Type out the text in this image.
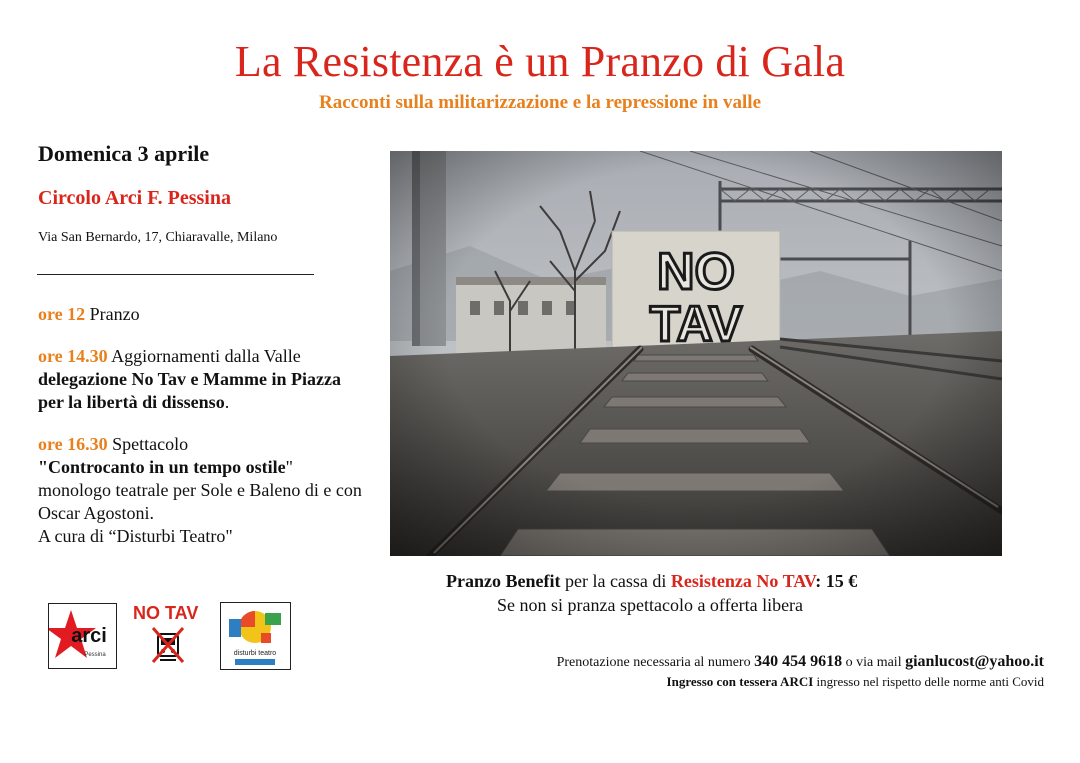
La Resistenza è un Pranzo di Gala
Racconti sulla militarizzazione e la repressione in valle
Domenica 3 aprile
Circolo Arci F. Pessina
Via San Bernardo, 17, Chiaravalle, Milano
ore 12 Pranzo
ore 14.30 Aggiornamenti dalla Valle
delegazione No Tav e Mamme in Piazza per la libertà di dissenso.
ore 16.30 Spettacolo
"Controcanto in un tempo ostile"
monologo teatrale per Sole e Baleno di e con Oscar Agostoni.
A cura di “Disturbi Teatro"
Pranzo Benefit per la cassa di Resistenza No TAV: 15 €
Se non si pranza spettacolo a offerta libera
Prenotazione necessaria al numero 340 454 9618 o via mail gianlucost@yahoo.it
Ingresso con tessera ARCI ingresso nel rispetto delle norme anti Covid
arci
Pessina
NO TAV
disturbi teatro
